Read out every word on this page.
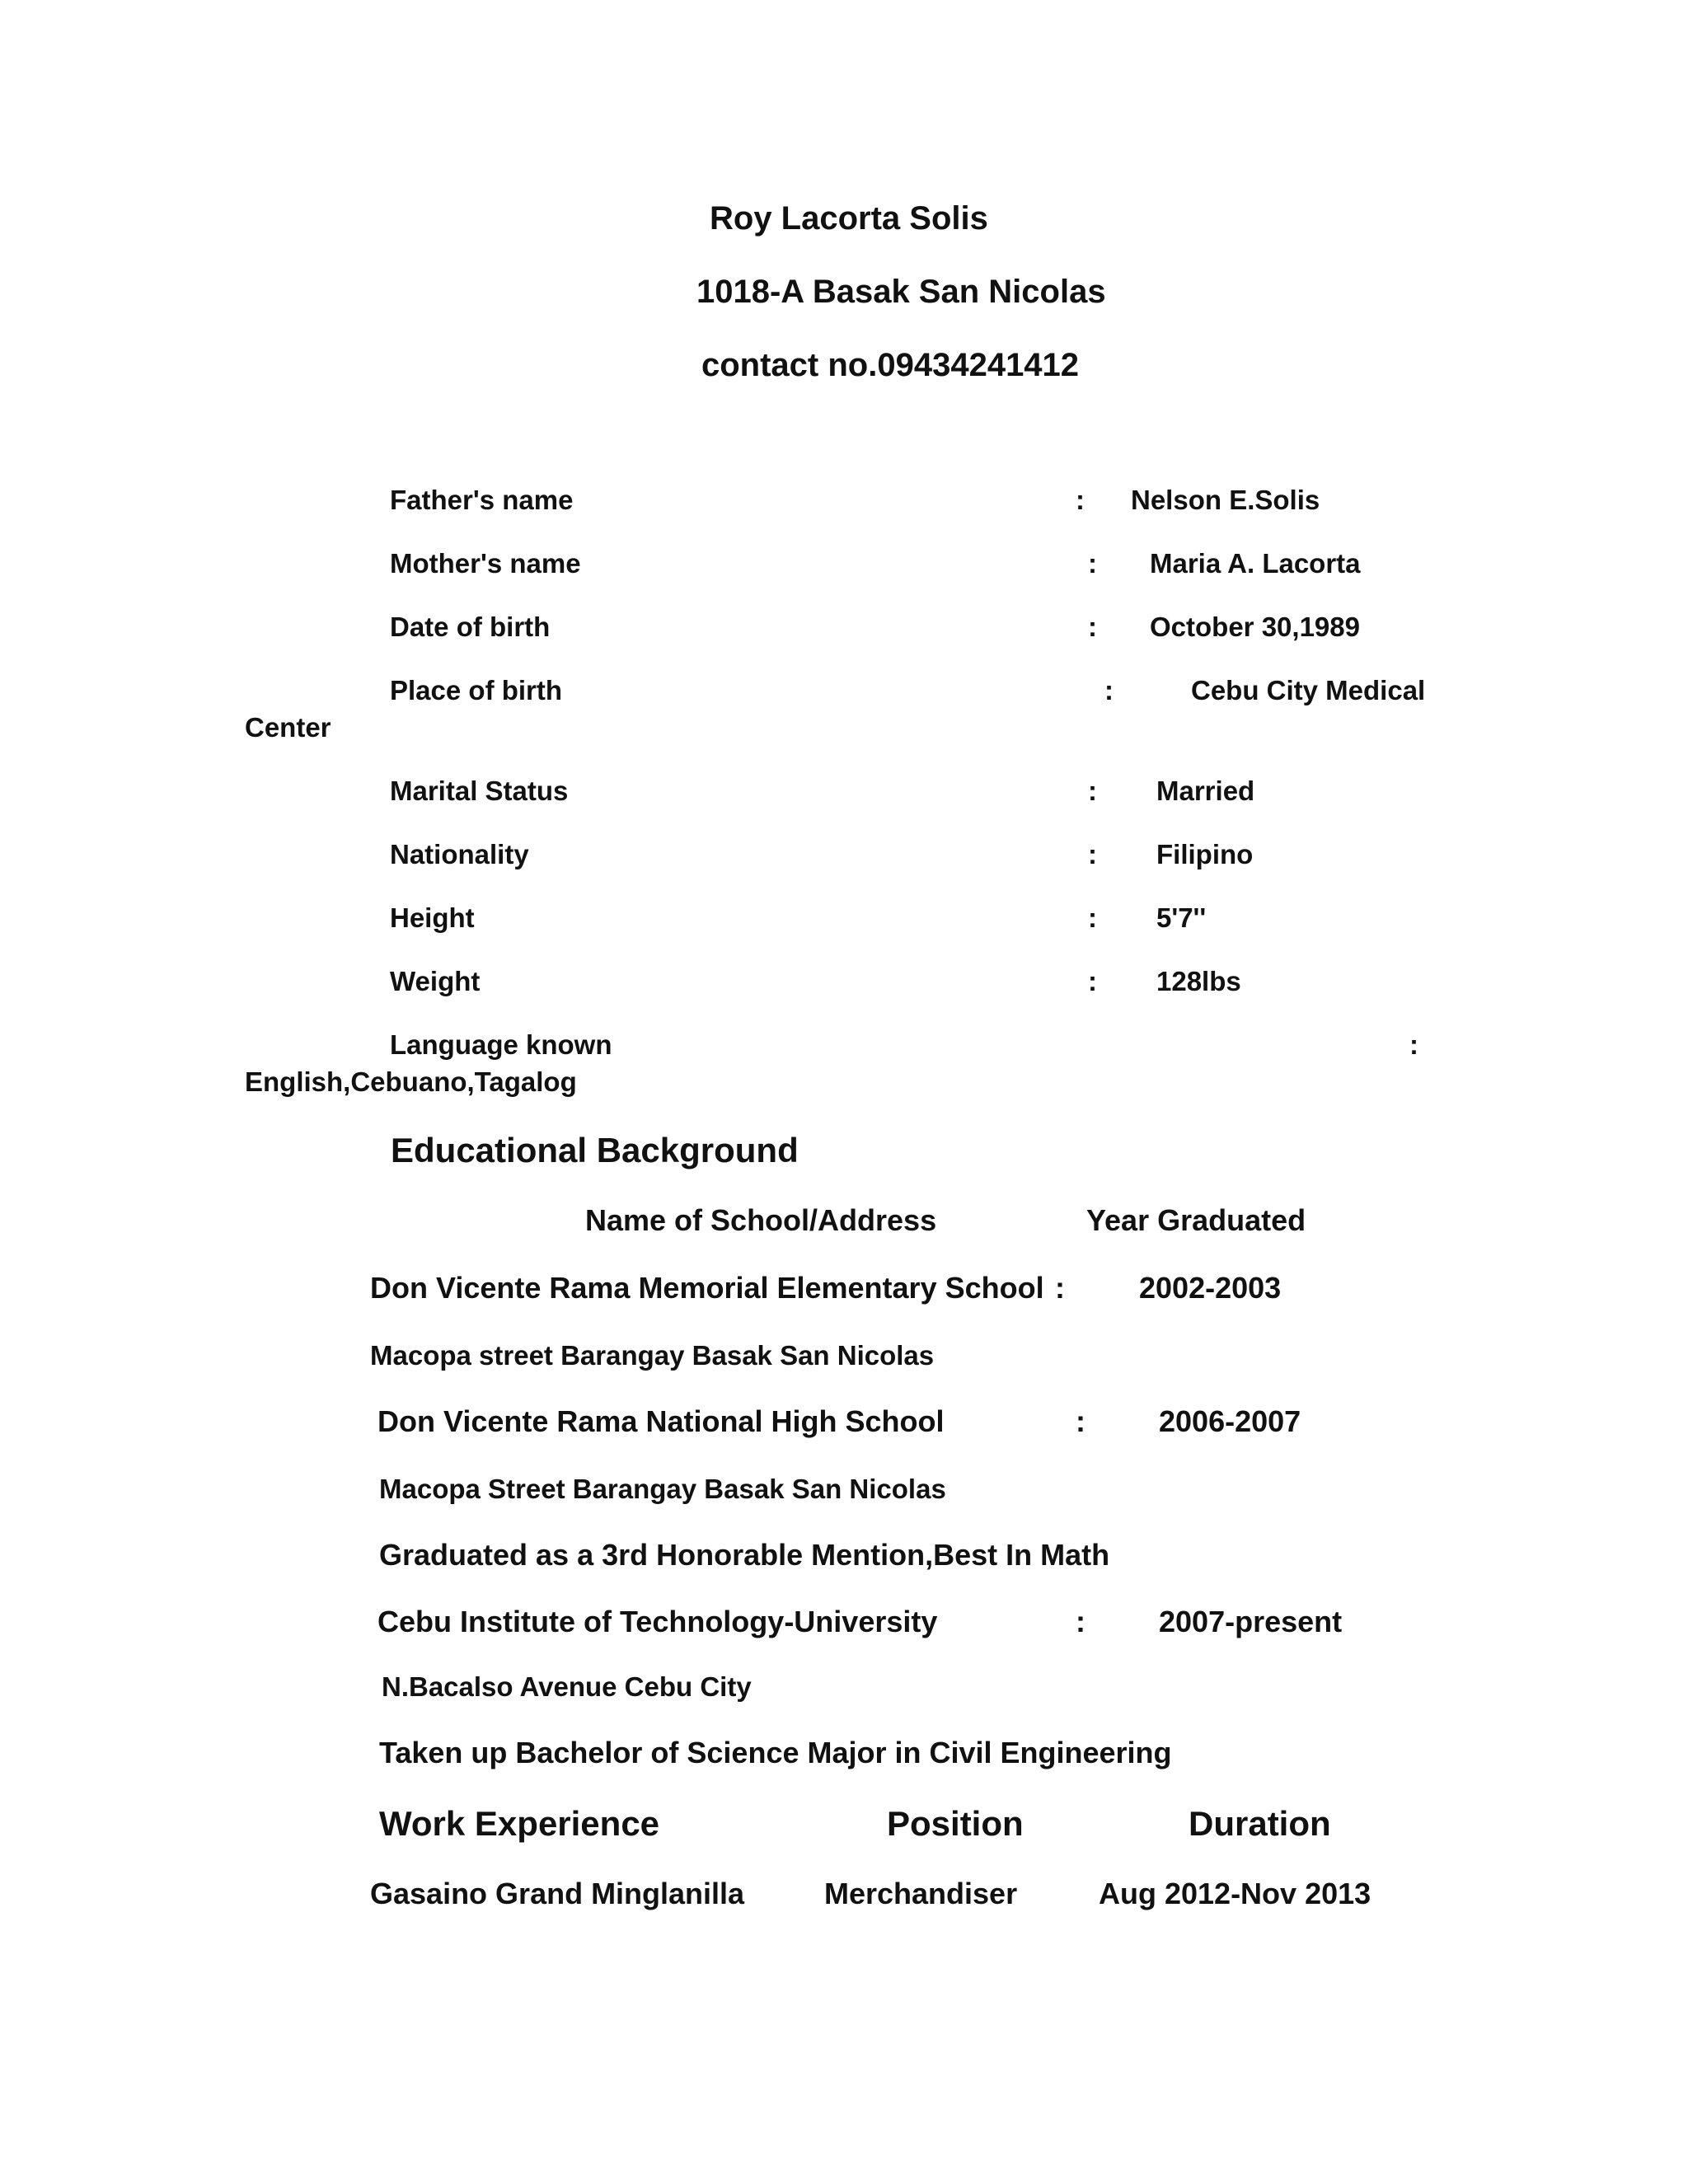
Roy Lacorta Solis
1018-A Basak San Nicolas
contact no.09434241412
Father's name	: Nelson E.Solis
Mother's name	: Maria A. Lacorta
Date of birth	: October 30,1989
Place of birth	:	Cebu City Medical
Center
Marital Status	: Married
Nationality	: Filipino
Height	: 5'7''
Weight	: 128lbs
Language known	:
English,Cebuano,Tagalog
Educational Background
Name of School/Address	Year Graduated
Don Vicente Rama Memorial Elementary School :	2002-2003
Macopa street Barangay Basak San Nicolas
Don Vicente Rama National High School	: 2006-2007
Macopa Street Barangay Basak San Nicolas
Graduated as a 3rd Honorable Mention,Best In Math
Cebu Institute of Technology-University	: 2007-present
N.Bacalso Avenue Cebu City
Taken up Bachelor of Science Major in Civil Engineering
Work Experience	Position	Duration
Gasaino Grand Minglanilla	Merchandiser	Aug 2012-Nov 2013
